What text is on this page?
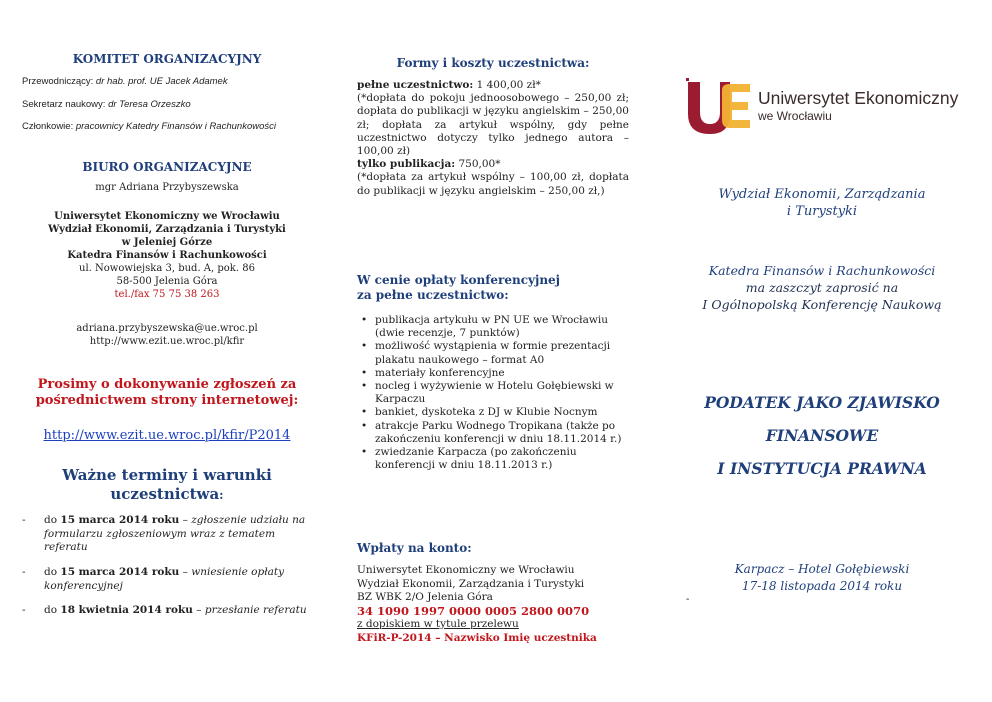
KOMITET ORGANIZACYJNY
Przewodniczący: dr hab. prof. UE Jacek Adamek
Sekretarz naukowy: dr Teresa Orzeszko
Członkowie: pracownicy Katedry Finansów i Rachunkowości
BIURO ORGANIZACYJNE
mgr Adriana Przybyszewska
Uniwersytet Ekonomiczny we Wrocławiu
Wydział Ekonomii, Zarządzania i Turystyki
w Jeleniej Górze
Katedra Finansów i Rachunkowości
ul. Nowowiejska 3, bud. A, pok. 86
58-500 Jelenia Góra
tel./fax 75 75 38 263
adriana.przybyszewska@ue.wroc.pl
http://www.ezit.ue.wroc.pl/kfir
Prosimy o dokonywanie zgłoszeń za
pośrednictwem strony internetowej:
http://www.ezit.ue.wroc.pl/kfir/P2014
Ważne terminy i warunki
uczestnictwa:
- do 15 marca 2014 roku – zgłoszenie udziału na formularzu zgłoszeniowym wraz z tematem referatu
- do 15 marca 2014 roku – wniesienie opłaty konferencyjnej
- do 18 kwietnia 2014 roku – przesłanie referatu
Formy i koszty uczestnictwa:

pełne uczestnictwo: 1 400,00 zł*

(*dopłata do pokoju jednoosobowego – 250,00 zł; dopłata do publikacji w języku angielskim – 250,00 zł; dopłata za artykuł wspólny, gdy pełne uczestnictwo dotyczy tylko jednego autora – 100,00 zł)

tylko publikacja: 750,00*

(*dopłata za artykuł wspólny – 100,00 zł, dopłata do publikacji w języku angielskim – 250,00 zł,)

W cenie opłaty konferencyjnej
za pełne uczestnictwo:
• publikacja artykułu w PN UE we Wrocławiu (dwie recenzje, 7 punktów)
• możliwość wystąpienia w formie prezentacji plakatu naukowego – format A0
• materiały konferencyjne
• nocleg i wyżywienie w Hotelu Gołębiewski w Karpaczu
• bankiet, dyskoteka z DJ w Klubie Nocnym
• atrakcje Parku Wodnego Tropikana (także po zakończeniu konferencji w dniu 18.11.2014 r.)
• zwiedzanie Karpacza (po zakończeniu konferencji w dniu 18.11.2013 r.)
Wpłaty na konto:
Uniwersytet Ekonomiczny we Wrocławiu
Wydział Ekonomii, Zarządzania i Turystyki
BZ WBK 2/O Jelenia Góra
34 1090 1997 0000 0005 2800 0070
z dopiskiem w tytule przelewu
KFiR-P-2014 – Nazwisko Imię uczestnika
Uniwersytet Ekonomiczny
we Wrocławiu
Wydział Ekonomii, Zarządzania
i Turystyki
Katedra Finansów i Rachunkowości
ma zaszczyt zaprosić na
I Ogólnopolską Konferencję Naukową
PODATEK JAKO ZJAWISKO
FINANSOWE
I INSTYTUCJA PRAWNA
Karpacz – Hotel Gołębiewski
17-18 listopada 2014 roku
-
